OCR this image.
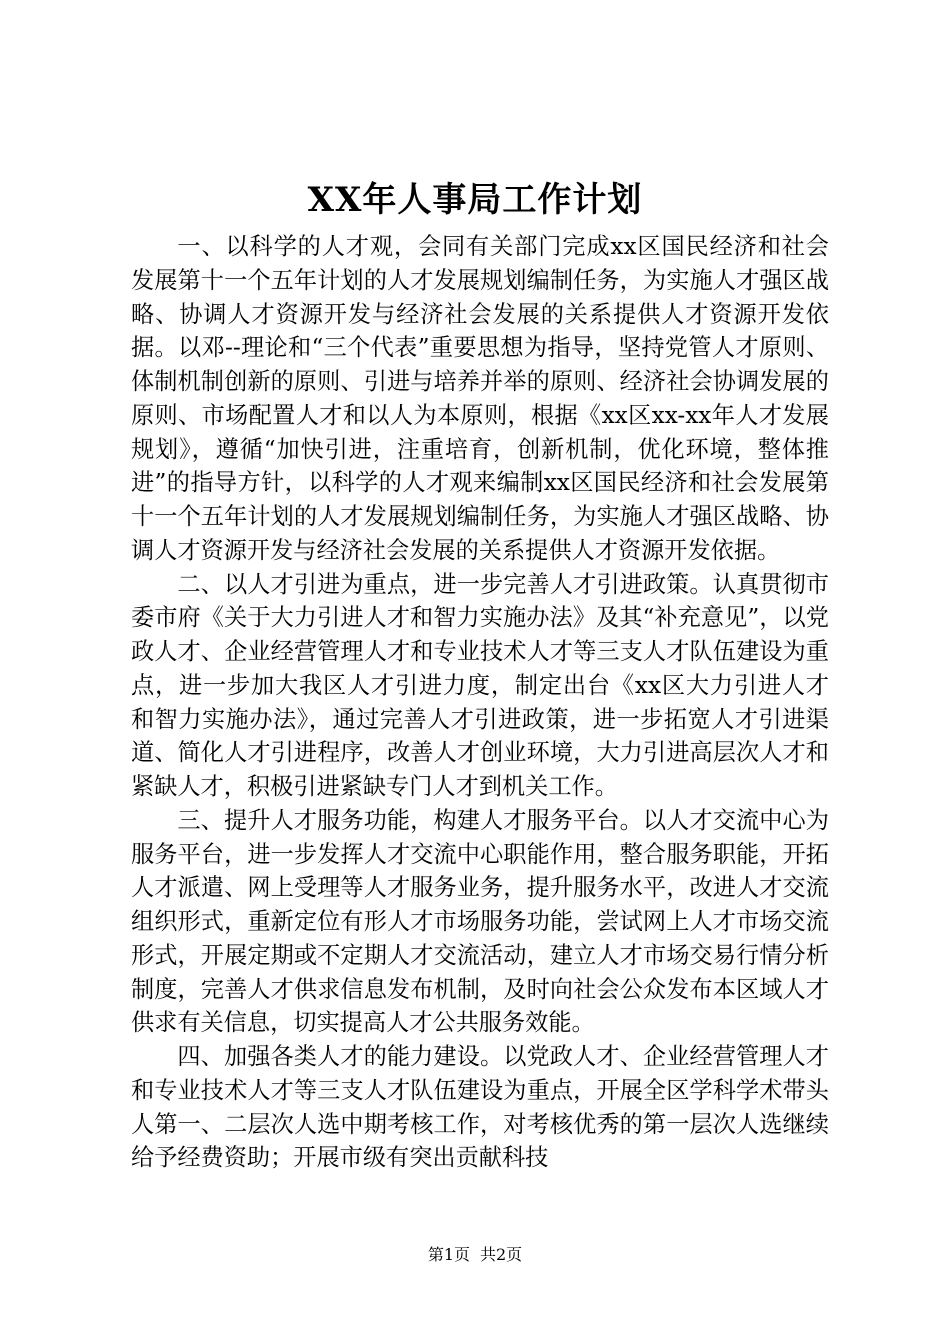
XX年人事局工作计划

一、以科学的人才观，会同有关部门完成xx区国民经济和社会发展第十一个五年计划的人才发展规划编制任务，为实施人才强区战略、协调人才资源开发与经济社会发展的关系提供人才资源开发依据。以邓--理论和“三个代表”重要思想为指导，坚持党管人才原则、体制机制创新的原则、引进与培养并举的原则、经济社会协调发展的原则、市场配置人才和以人为本原则，根据《xx区xx-xx年人才发展规划》，遵循“加快引进，注重培育，创新机制，优化环境，整体推进”的指导方针，以科学的人才观来编制xx区国民经济和社会发展第十一个五年计划的人才发展规划编制任务，为实施人才强区战略、协调人才资源开发与经济社会发展的关系提供人才资源开发依据。

二、以人才引进为重点，进一步完善人才引进政策。认真贯彻市委市府《关于大力引进人才和智力实施办法》及其“补充意见”，以党政人才、企业经营管理人才和专业技术人才等三支人才队伍建设为重点，进一步加大我区人才引进力度，制定出台《xx区大力引进人才和智力实施办法》，通过完善人才引进政策，进一步拓宽人才引进渠道、简化人才引进程序，改善人才创业环境，大力引进高层次人才和紧缺人才，积极引进紧缺专门人才到机关工作。

三、提升人才服务功能，构建人才服务平台。以人才交流中心为服务平台，进一步发挥人才交流中心职能作用，整合服务职能，开拓人才派遣、网上受理等人才服务业务，提升服务水平，改进人才交流组织形式，重新定位有形人才市场服务功能，尝试网上人才市场交流形式，开展定期或不定期人才交流活动，建立人才市场交易行情分析制度，完善人才供求信息发布机制，及时向社会公众发布本区域人才供求有关信息，切实提高人才公共服务效能。

四、加强各类人才的能力建设。以党政人才、企业经营管理人才和专业技术人才等三支人才队伍建设为重点，开展全区学科学术带头人第一、二层次人选中期考核工作，对考核优秀的第一层次人选继续给予经费资助；开展市级有突出贡献科技

第1页 共2页
